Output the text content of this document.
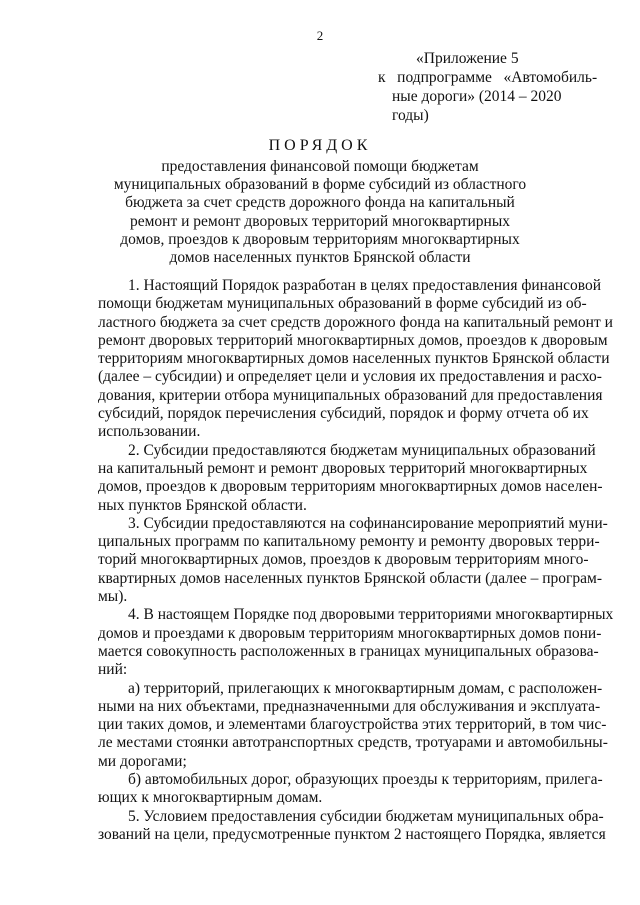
2
«Приложение 5
к   подпрограмме   «Автомобиль-
ные дороги» (2014 – 2020 годы)
ПОРЯДОК
предоставления финансовой помощи бюджетам
муниципальных образований в форме субсидий из областного
бюджета за счет средств дорожного фонда на капитальный
ремонт и ремонт дворовых территорий многоквартирных
домов, проездов к дворовым территориям многоквартирных
домов населенных пунктов Брянской области
1. Настоящий Порядок разработан в целях предоставления финансовой
помощи бюджетам муниципальных образований в форме субсидий из об-
ластного бюджета за счет средств дорожного фонда на капитальный ремонт и
ремонт дворовых территорий многоквартирных домов, проездов к дворовым
территориям многоквартирных домов населенных пунктов Брянской области
(далее – субсидии) и определяет цели и условия их предоставления и расхо-
дования, критерии отбора муниципальных образований для предоставления
субсидий, порядок перечисления субсидий, порядок и форму отчета об их
использовании.
2. Субсидии предоставляются бюджетам муниципальных образований
на капитальный ремонт и ремонт дворовых территорий многоквартирных
домов, проездов к дворовым территориям многоквартирных домов населен-
ных пунктов Брянской области.
3. Субсидии предоставляются на софинансирование мероприятий муни-
ципальных программ по капитальному ремонту и ремонту дворовых терри-
торий многоквартирных домов, проездов к дворовым территориям много-
квартирных домов населенных пунктов Брянской области (далее – програм-
мы).
4. В настоящем Порядке под дворовыми территориями многоквартирных
домов и проездами к дворовым территориям многоквартирных домов пони-
мается совокупность расположенных в границах муниципальных образова-
ний:
а) территорий, прилегающих к многоквартирным домам, с расположен-
ными на них объектами, предназначенными для обслуживания и эксплуата-
ции таких домов, и элементами благоустройства этих территорий, в том чис-
ле местами стоянки автотранспортных средств, тротуарами и автомобильны-
ми дорогами;
б) автомобильных дорог, образующих проезды к территориям, прилега-
ющих к многоквартирным домам.
5. Условием предоставления субсидии бюджетам муниципальных обра-
зований на цели, предусмотренные пунктом 2 настоящего Порядка, является
